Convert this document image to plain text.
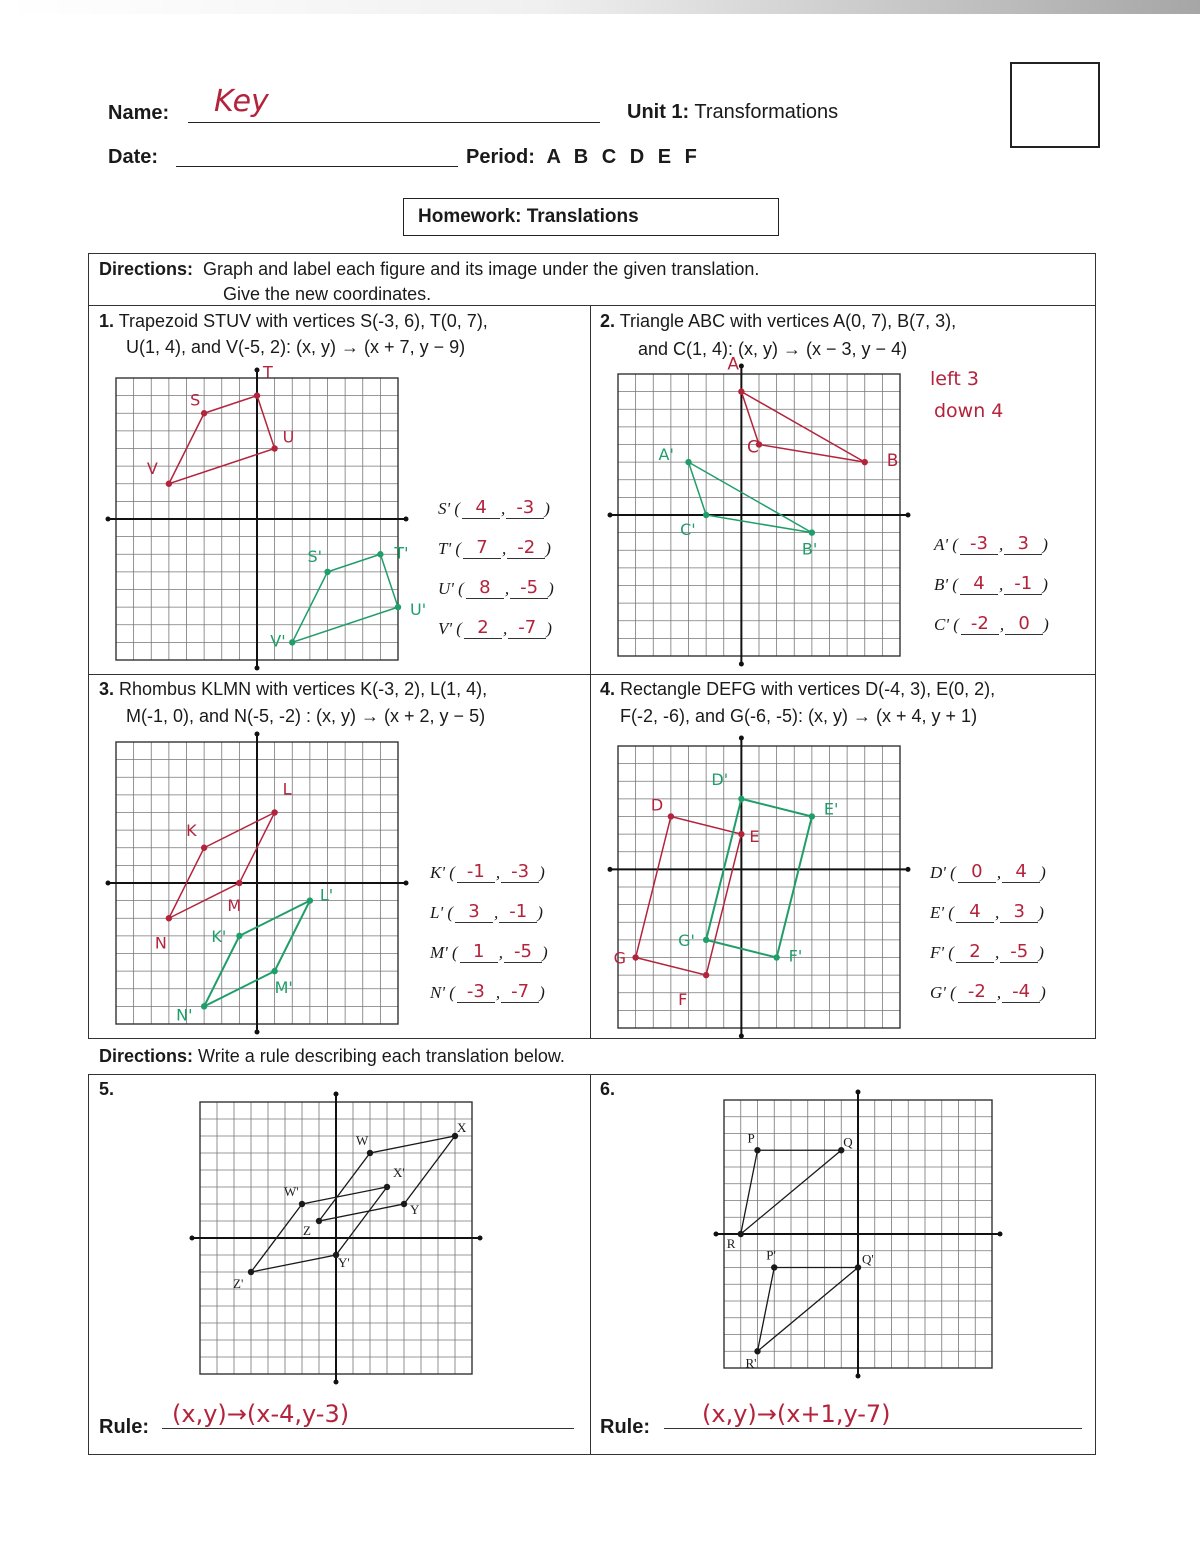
Name: Key	Unit 1: Transformations
Date:	Period: A B C D E F
Homework: Translations
Directions: Graph and label each figure and its image under the given translation.
Give the new coordinates.
1. Trapezoid STUV with vertices S(-3, 6), T(0, 7),
U(1, 4), and V(-5, 2): (x, y) → (x + 7, y − 9)
2. Triangle ABC with vertices A(0, 7), B(7, 3),
and C(1, 4): (x, y) → (x − 3, y − 4)
left 3
down 4
3. Rhombus KLMN with vertices K(-3, 2), L(1, 4),
M(-1, 0), and N(-5, -2) : (x, y) → (x + 2, y − 5)
4. Rectangle DEFG with vertices D(-4, 3), E(0, 2),
F(-2, -6), and G(-6, -5): (x, y) → (x + 4, y + 1)
Directions: Write a rule describing each translation below.
5.	6.
S' ( 4 , -3 )
T' ( 7 , -2 )
U' ( 8 , -5 )
V' ( 2 , -7 )
A' ( -3 , 3 )
B' ( 4 , -1 )
C' ( -2 , 0 )
K' ( -1 , -3 )
L' ( 3 , -1 )
M' ( 1 , -5 )
N' ( -3 , -7 )
D' ( 0 , 4 )
E' ( 4 , 3 )
F' ( 2 , -5 )
G' ( -2 , -4 )
S
T
U
V
S'	T'
U'
V'
A
B
C
A'
B'
C'
K
L
M
N	K'
L'
M'
N'
D
E
F
G
D'
E'
F'
G'
W
X
Y
Z
W'
X'
Y'
Z'
P	Q
R
P'	Q'
R'
Rule: (x,y)→(x-4,y-3)	Rule:	(x,y)→(x+1,y-7)
